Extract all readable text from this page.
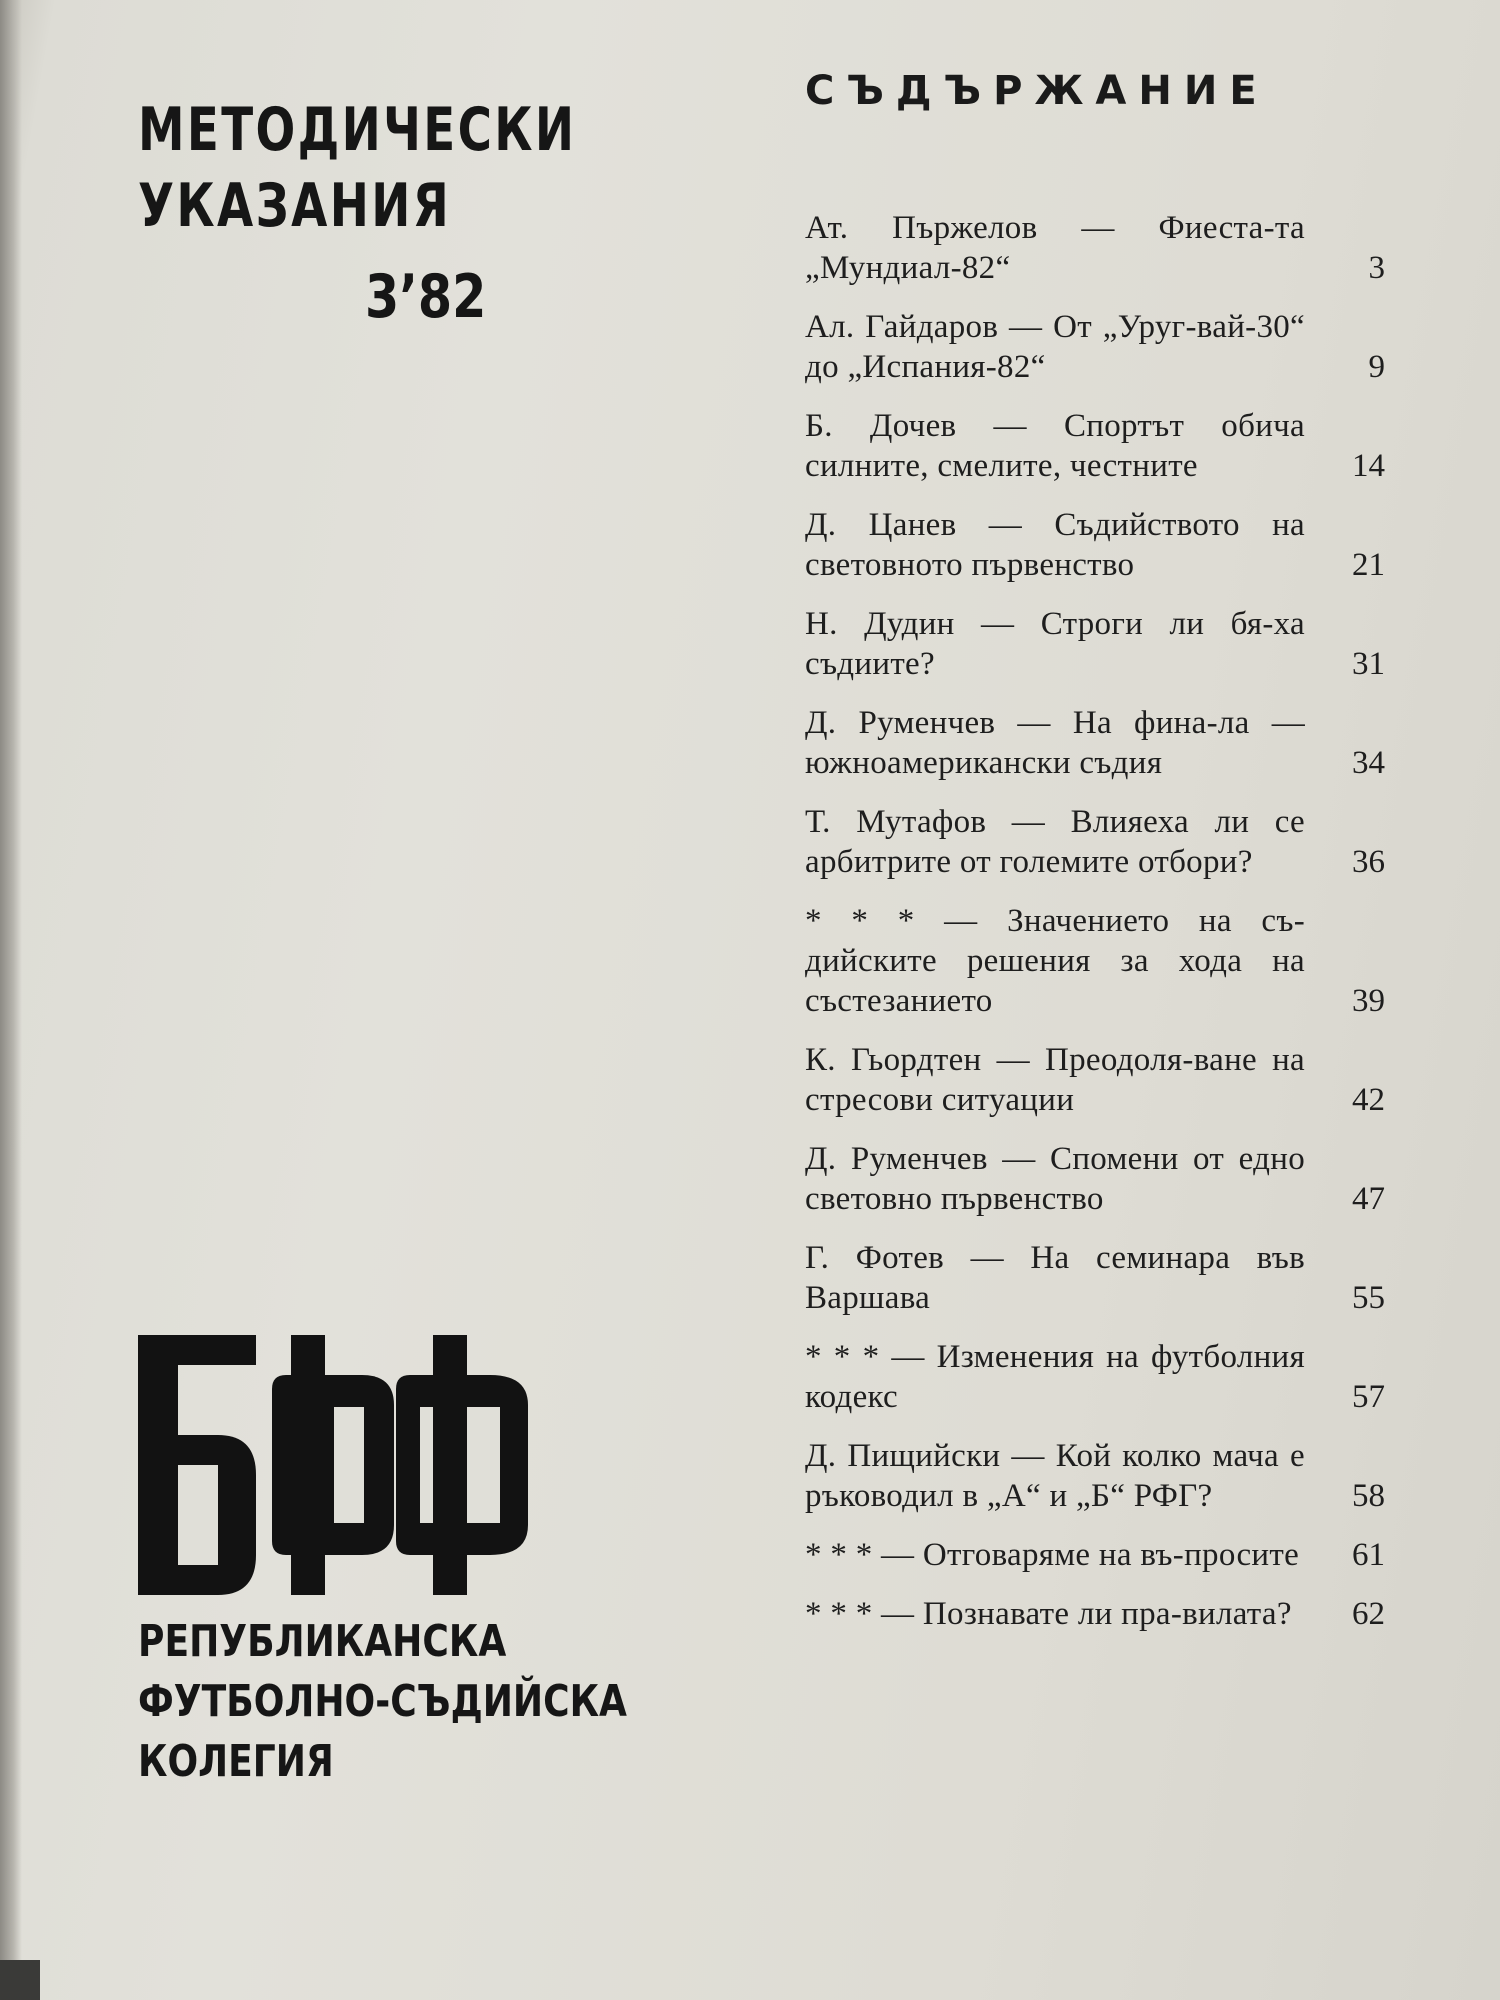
МЕТОДИЧЕСКИ
УКАЗАНИЯ
3’82
РЕПУБЛИКАНСКА
ФУТБОЛНО-СЪДИЙСКА
КОЛЕГИЯ
СЪДЪРЖАНИЕ
Ат. Пържелов — Фиеста-та „Мундиал-82“	3
Ал. Гайдаров — От „Уруг-вай-30“ до „Испания-82“	9
Б. Дочев — Спортът обича силните, смелите, честните	14
Д. Цанев — Съдийството на световното първенство	21
Н. Дудин — Строги ли бя-ха съдиите?	31
Д. Руменчев — На фина-ла — южноамерикански съдия	34
Т. Мутафов — Влияеха ли се арбитрите от големите отбори?	36
* * * — Значението на съ-дийските решения за хода на състезанието	39
К. Гьордтен — Преодоля-ване на стресови ситуации	42
Д. Руменчев — Спомени от едно световно първенство	47
Г. Фотев — На семинара във Варшава	55
* * * — Изменения на футболния кодекс	57
Д. Пищийски — Кой колко мача е ръководил в „А“ и „Б“ РФГ?	58
* * * — Отговаряме на въ-просите 61
* * * — Познавате ли пра-вилата?	62
